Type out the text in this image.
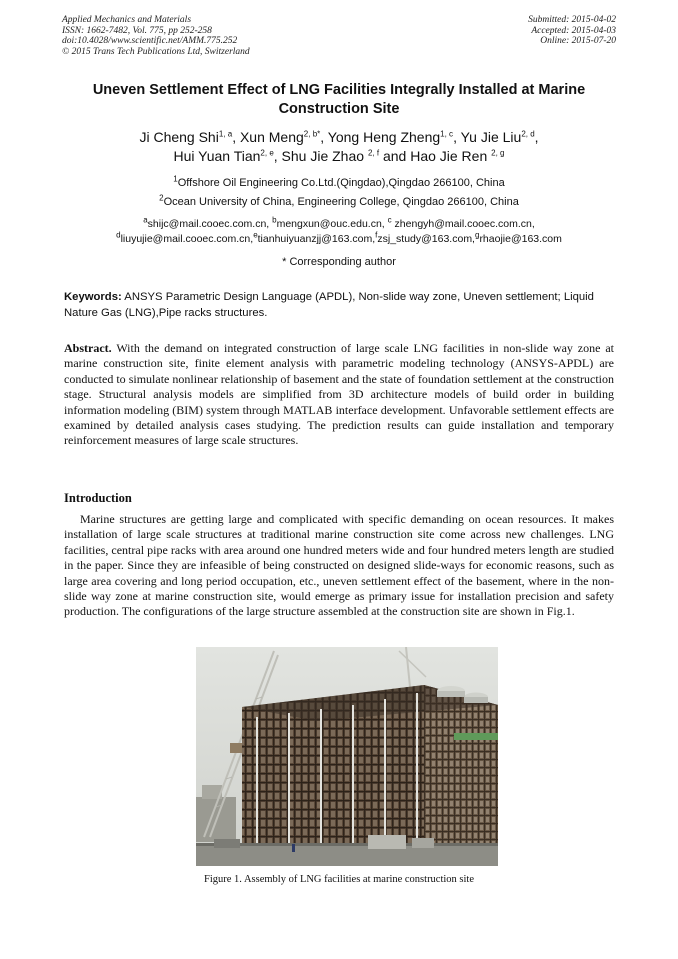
Applied Mechanics and Materials
ISSN: 1662-7482, Vol. 775, pp 252-258
doi:10.4028/www.scientific.net/AMM.775.252
© 2015 Trans Tech Publications Ltd, Switzerland
Submitted: 2015-04-02
Accepted: 2015-04-03
Online: 2015-07-20
Uneven Settlement Effect of LNG Facilities Integrally Installed at Marine Construction Site
Ji Cheng Shi$^{1, a}$, Xun Meng$^{2, b*}$, Yong Heng Zheng$^{1, c}$, Yu Jie Liu$^{2, d}$,
Hui Yuan Tian$^{2, e}$, Shu Jie Zhao $^{2, f}$ and Hao Jie Ren $^{2, g}$
$^1$Offshore Oil Engineering Co.Ltd.(Qingdao),Qingdao 266100, China
$^2$Ocean University of China, Engineering College, Qingdao 266100, China
$^a$shijc@mail.cooec.com.cn, $^b$mengxun@ouc.edu.cn, $^c$ zhengyh@mail.cooec.com.cn,
$^d$liuyujie@mail.cooec.com.cn,$^e$tianhuiyuanzjj@163.com,$^f$zsj_study@163.com,$^g$rhaojie@163.com
* Corresponding author
Keywords: ANSYS Parametric Design Language (APDL), Non-slide way zone, Uneven settlement; Liquid Nature Gas (LNG),Pipe racks structures.
Abstract. With the demand on integrated construction of large scale LNG facilities in non-slide way zone at marine construction site, finite element analysis with parametric modeling technology (ANSYS-APDL) are conducted to simulate nonlinear relationship of basement and the state of foundation settlement at the construction stage. Structural analysis models are simplified from 3D architecture models of build order in building information modeling (BIM) system through MATLAB interface development. Unfavorable settlement effects are examined by detailed analysis cases studying. The prediction results can guide installation and temporary reinforcement measures of large scale structures.
Introduction
Marine structures are getting large and complicated with specific demanding on ocean resources. It makes installation of large scale structures at traditional marine construction site come across new challenges. LNG facilities, central pipe racks with area around one hundred meters wide and four hundred meters length are studied in the paper. Since they are infeasible of being constructed on designed slide-ways for economic reasons, such as large area covering and long period occupation, etc., uneven settlement effect of the basement, where in the non-slide way zone at marine construction site, would emerge as primary issue for installation precision and safety production. The configurations of the large structure assembled at the construction site are shown in Fig.1.
Figure 1. Assembly of LNG facilities at marine construction site
